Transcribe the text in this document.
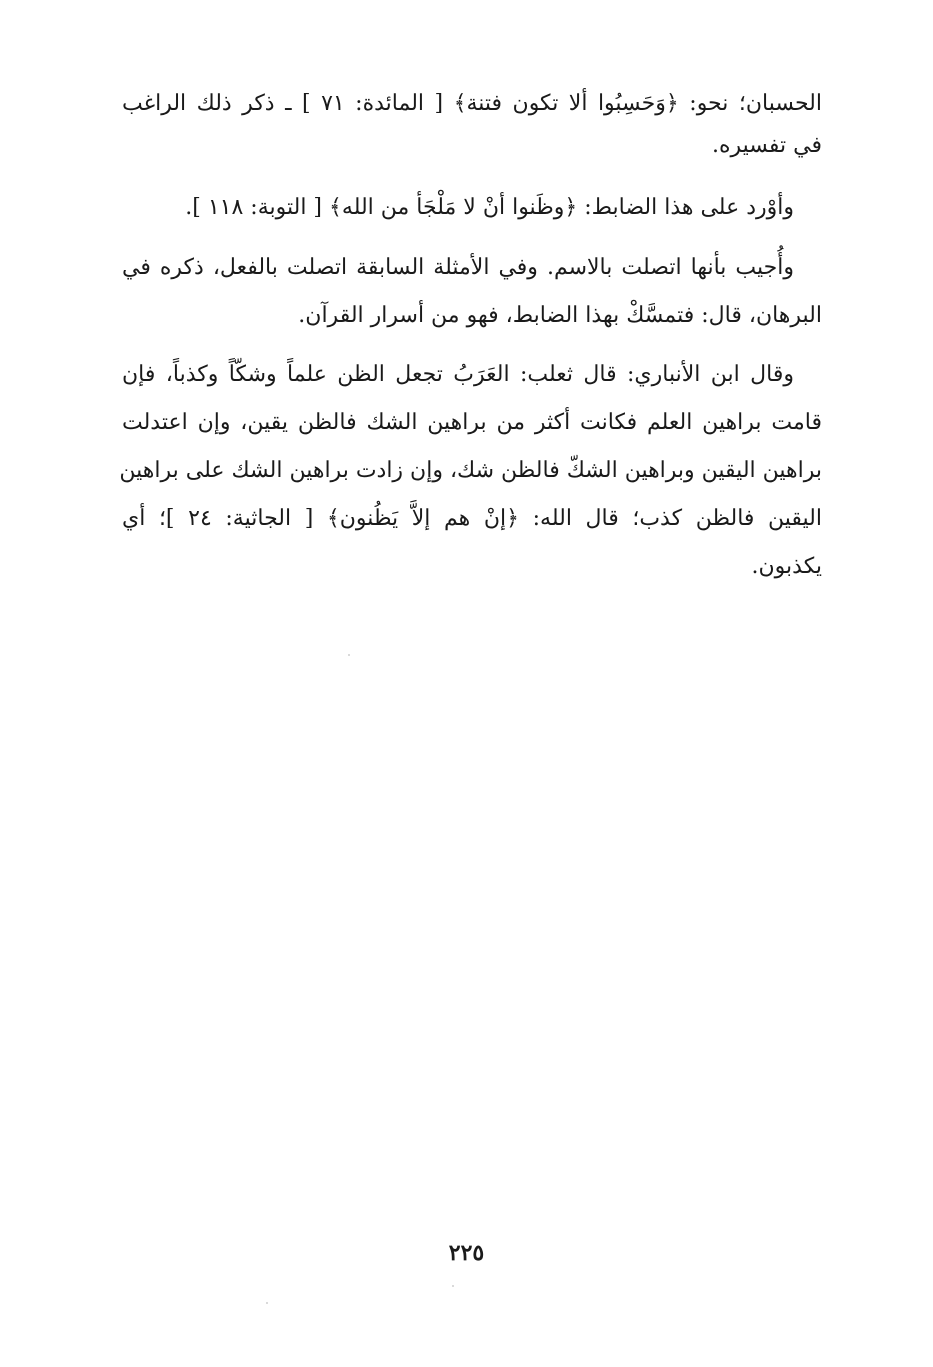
الحسبان؛ نحو: ﴿وَحَسِبُوا ألا تكون فتنة﴾ [ المائدة: ٧١ ] ـ ذكر ذلك الراغب
في تفسيره.
وأوْرد على هذا الضابط: ﴿وظَنوا أنْ لا مَلْجَأ من الله﴾ [ التوبة: ١١٨ ].
وأُجيب بأنها اتصلت بالاسم. وفي الأمثلة السابقة اتصلت بالفعل، ذكره في
البرهان، قال: فتمسَّكْ بهذا الضابط، فهو من أسرار القرآن.
وقال ابن الأنباري: قال ثعلب: العَرَبُ تجعل الظن علماً وشكّاً وكذباً، فإن
قامت براهين العلم فكانت أكثر من براهين الشك فالظن يقين، وإن اعتدلت
براهين اليقين وبراهين الشكّ فالظن شك، وإن زادت براهين الشك على براهين
اليقين فالظن كذب؛ قال الله: ﴿إنْ هم إلاَّ يَظُنون﴾ [ الجاثية: ٢٤ ]؛ أي
يكذبون.
٢٢٥
